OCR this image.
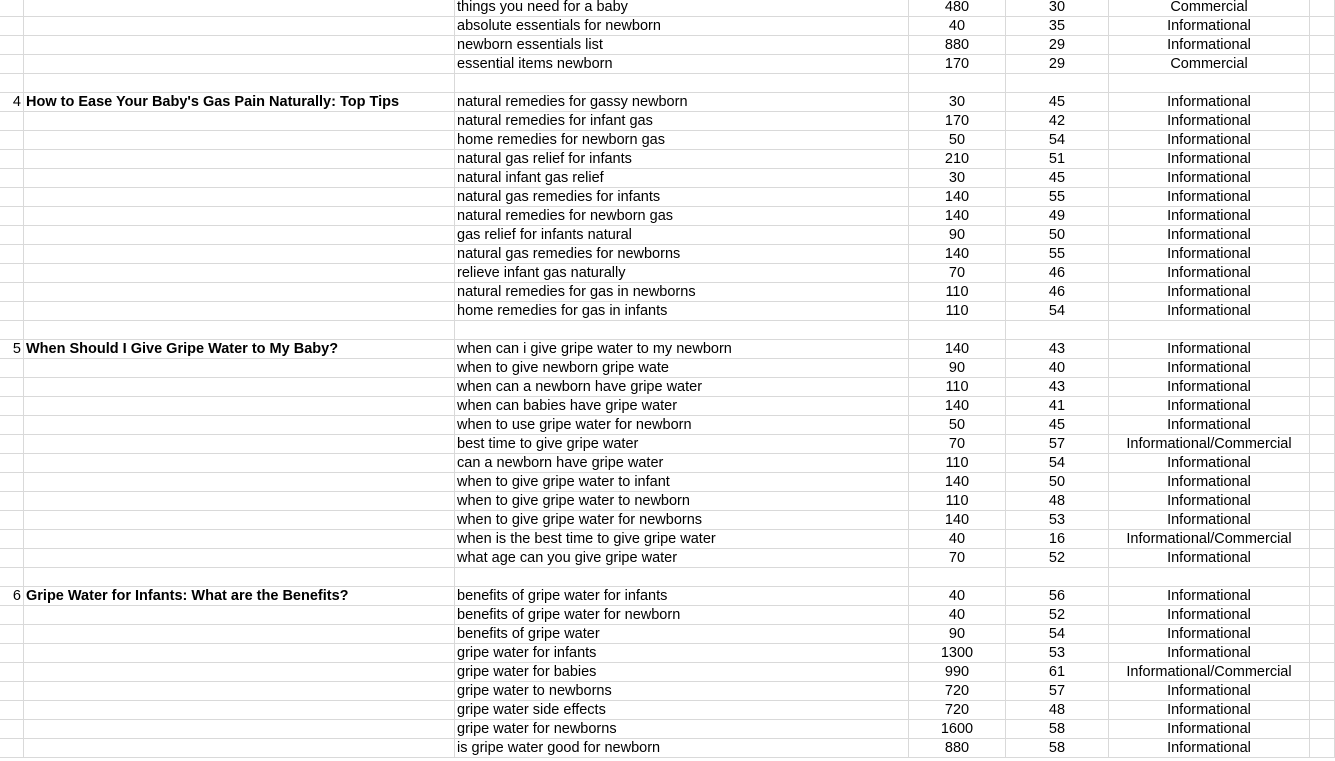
things you need for a baby	480	30	Commercial
absolute essentials for newborn	40	35	Informational
newborn essentials list	880	29	Informational
essential items newborn	170	29	Commercial
4 How to Ease Your Baby's Gas Pain Naturally: Top Tips	natural remedies for gassy newborn	30	45	Informational
natural remedies for infant gas	170	42	Informational
home remedies for newborn gas	50	54	Informational
natural gas relief for infants	210	51	Informational
natural infant gas relief	30	45	Informational
natural gas remedies for infants	140	55	Informational
natural remedies for newborn gas	140	49	Informational
gas relief for infants natural	90	50	Informational
natural gas remedies for newborns	140	55	Informational
relieve infant gas naturally	70	46	Informational
natural remedies for gas in newborns	110	46	Informational
home remedies for gas in infants	110	54	Informational
5 When Should I Give Gripe Water to My Baby?	when can i give gripe water to my newborn	140	43	Informational
when to give newborn gripe wate	90	40	Informational
when can a newborn have gripe water	110	43	Informational
when can babies have gripe water	140	41	Informational
when to use gripe water for newborn	50	45	Informational
best time to give gripe water	70	57	Informational/Commercial
can a newborn have gripe water	110	54	Informational
when to give gripe water to infant	140	50	Informational
when to give gripe water to newborn	110	48	Informational
when to give gripe water for newborns	140	53	Informational
when is the best time to give gripe water	40	16	Informational/Commercial
what age can you give gripe water	70	52	Informational
6 Gripe Water for Infants: What are the Benefits?	benefits of gripe water for infants	40	56	Informational
benefits of gripe water for newborn	40	52	Informational
benefits of gripe water	90	54	Informational
gripe water for infants	1300	53	Informational
gripe water for babies	990	61	Informational/Commercial
gripe water to newborns	720	57	Informational
gripe water side effects	720	48	Informational
gripe water for newborns	1600	58	Informational
is gripe water good for newborn	880	58	Informational
